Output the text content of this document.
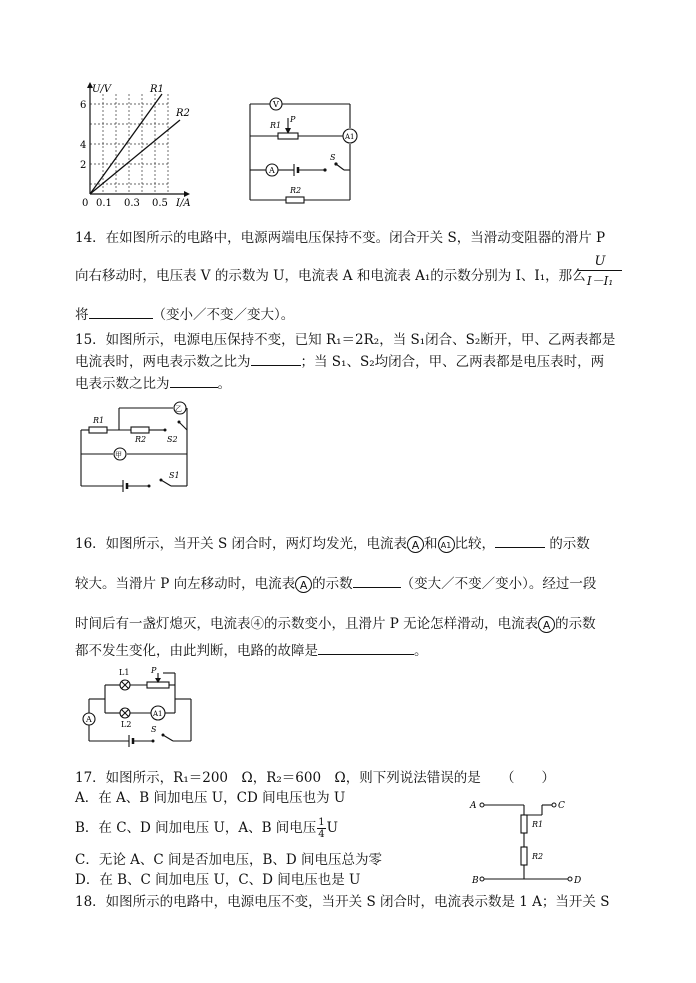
U/V
I/A
6
4
2
0 0.1 0.3 0.5
R1
R2
V
R1
P
A1
A
S
R2
14．在如图所示的电路中，电源两端电压保持不变。闭合开关 S，当滑动变阻器的滑片 P
向右移动时，电压表 V 的示数为 U，电流表 A 和电流表 A₁的示数分别为 I、I₁，那么
U
I－I₁
将	（变小／不变／变大）。
15．如图所示，电源电压保持不变，已知 R₁＝2R₂，当 S₁闭合、S₂断开，甲、乙两表都是
电流表时，两电表示数之比为	；当 S₁、S₂均闭合，甲、乙两表都是电压表时，两
电表示数之比为	。
R1
R2
乙
甲
S2
S1
16．如图所示，当开关 S 闭合时，两灯均发光，电流表 A 和 A1 比较，	的示数
较大。当滑片 P 向左移动时，电流表 A 的示数	（变大／不变／变小）。经过一段
时间后有一盏灯熄灭，电流表④的示数变小，且滑片 P 无论怎样滑动，电流表 A 的示数
都不发生变化，由此判断，电路的故障是	。
L1	P
L2
A1
A
S
17．如图所示，R₁＝200　Ω，R₂＝600　Ω，则下列说法错误的是　　（　　）
A．在 A、B 间加电压 U，CD 间电压也为 U
B．在 C、D 间加电压 U，A、B 间电压 $\frac{1}{4}$ U
C．无论 A、C 间是否加电压，B、D 间电压总为零
D．在 B、C 间加电压 U，C、D 间电压也是 U
R1
R2
A	C
B	D
18．如图所示的电路中，电源电压不变，当开关 S 闭合时，电流表示数是 1 A；当开关 S
